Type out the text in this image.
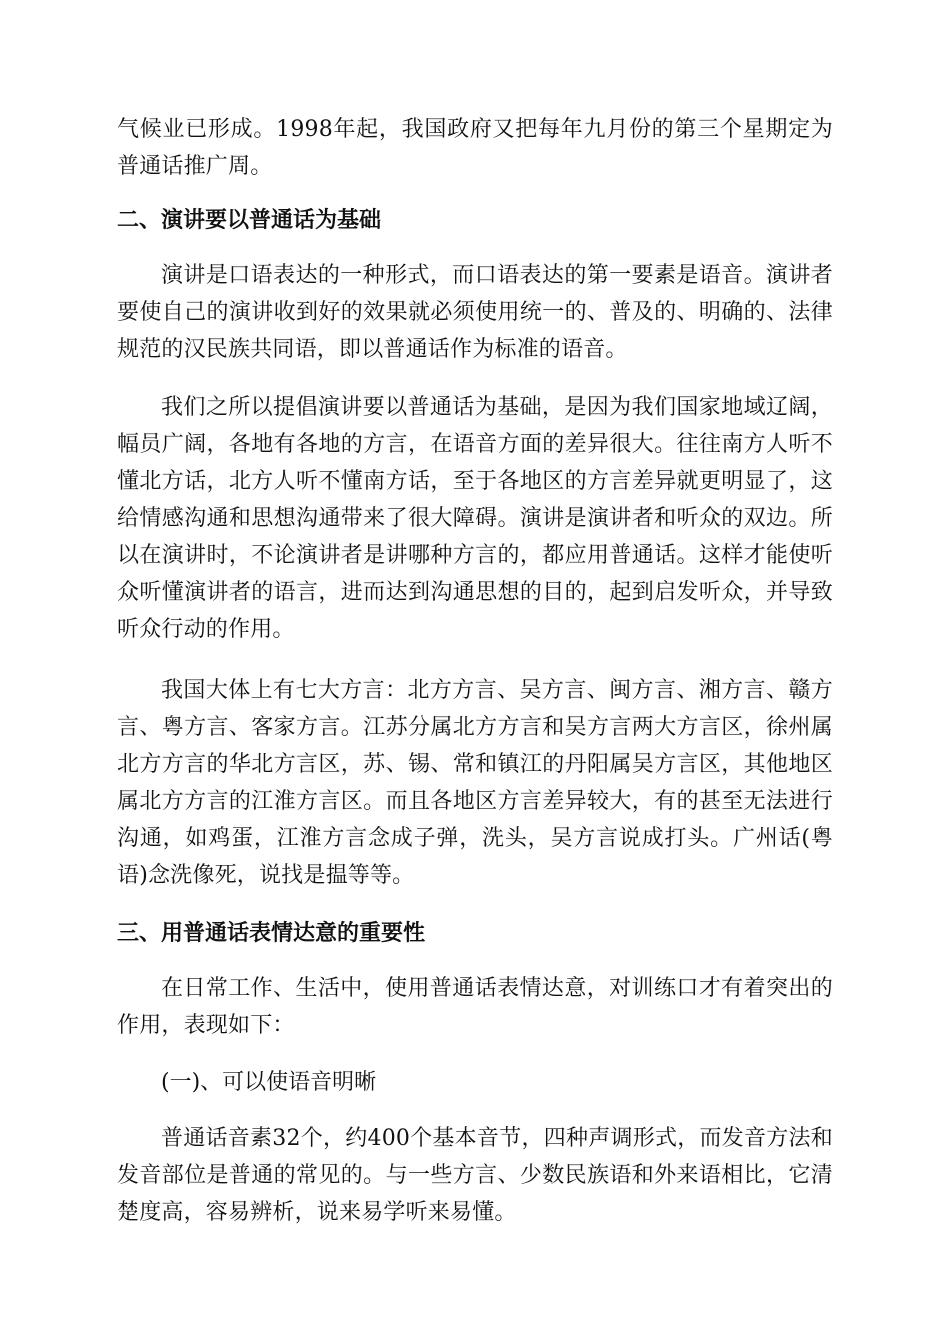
气候业已形成。1998年起，我国政府又把每年九月份的第三个星期定为普通话推广周。

二、演讲要以普通话为基础

演讲是口语表达的一种形式，而口语表达的第一要素是语音。演讲者要使自己的演讲收到好的效果就必须使用统一的、普及的、明确的、法律规范的汉民族共同语，即以普通话作为标准的语音。

我们之所以提倡演讲要以普通话为基础，是因为我们国家地域辽阔，幅员广阔，各地有各地的方言，在语音方面的差异很大。往往南方人听不懂北方话，北方人听不懂南方话，至于各地区的方言差异就更明显了，这给情感沟通和思想沟通带来了很大障碍。演讲是演讲者和听众的双边。所以在演讲时，不论演讲者是讲哪种方言的，都应用普通话。这样才能使听众听懂演讲者的语言，进而达到沟通思想的目的，起到启发听众，并导致听众行动的作用。

我国大体上有七大方言：北方方言、吴方言、闽方言、湘方言、赣方言、粤方言、客家方言。江苏分属北方方言和吴方言两大方言区，徐州属北方方言的华北方言区，苏、锡、常和镇江的丹阳属吴方言区，其他地区属北方方言的江淮方言区。而且各地区方言差异较大，有的甚至无法进行沟通，如鸡蛋，江淮方言念成子弹，洗头，吴方言说成打头。广州话(粤语)念洗像死，说找是揾等等。

三、用普通话表情达意的重要性

在日常工作、生活中，使用普通话表情达意，对训练口才有着突出的作用，表现如下：

(一)、可以使语音明晰

普通话音素32个，约400个基本音节，四种声调形式，而发音方法和发音部位是普通的常见的。与一些方言、少数民族语和外来语相比，它清楚度高，容易辨析，说来易学听来易懂。
